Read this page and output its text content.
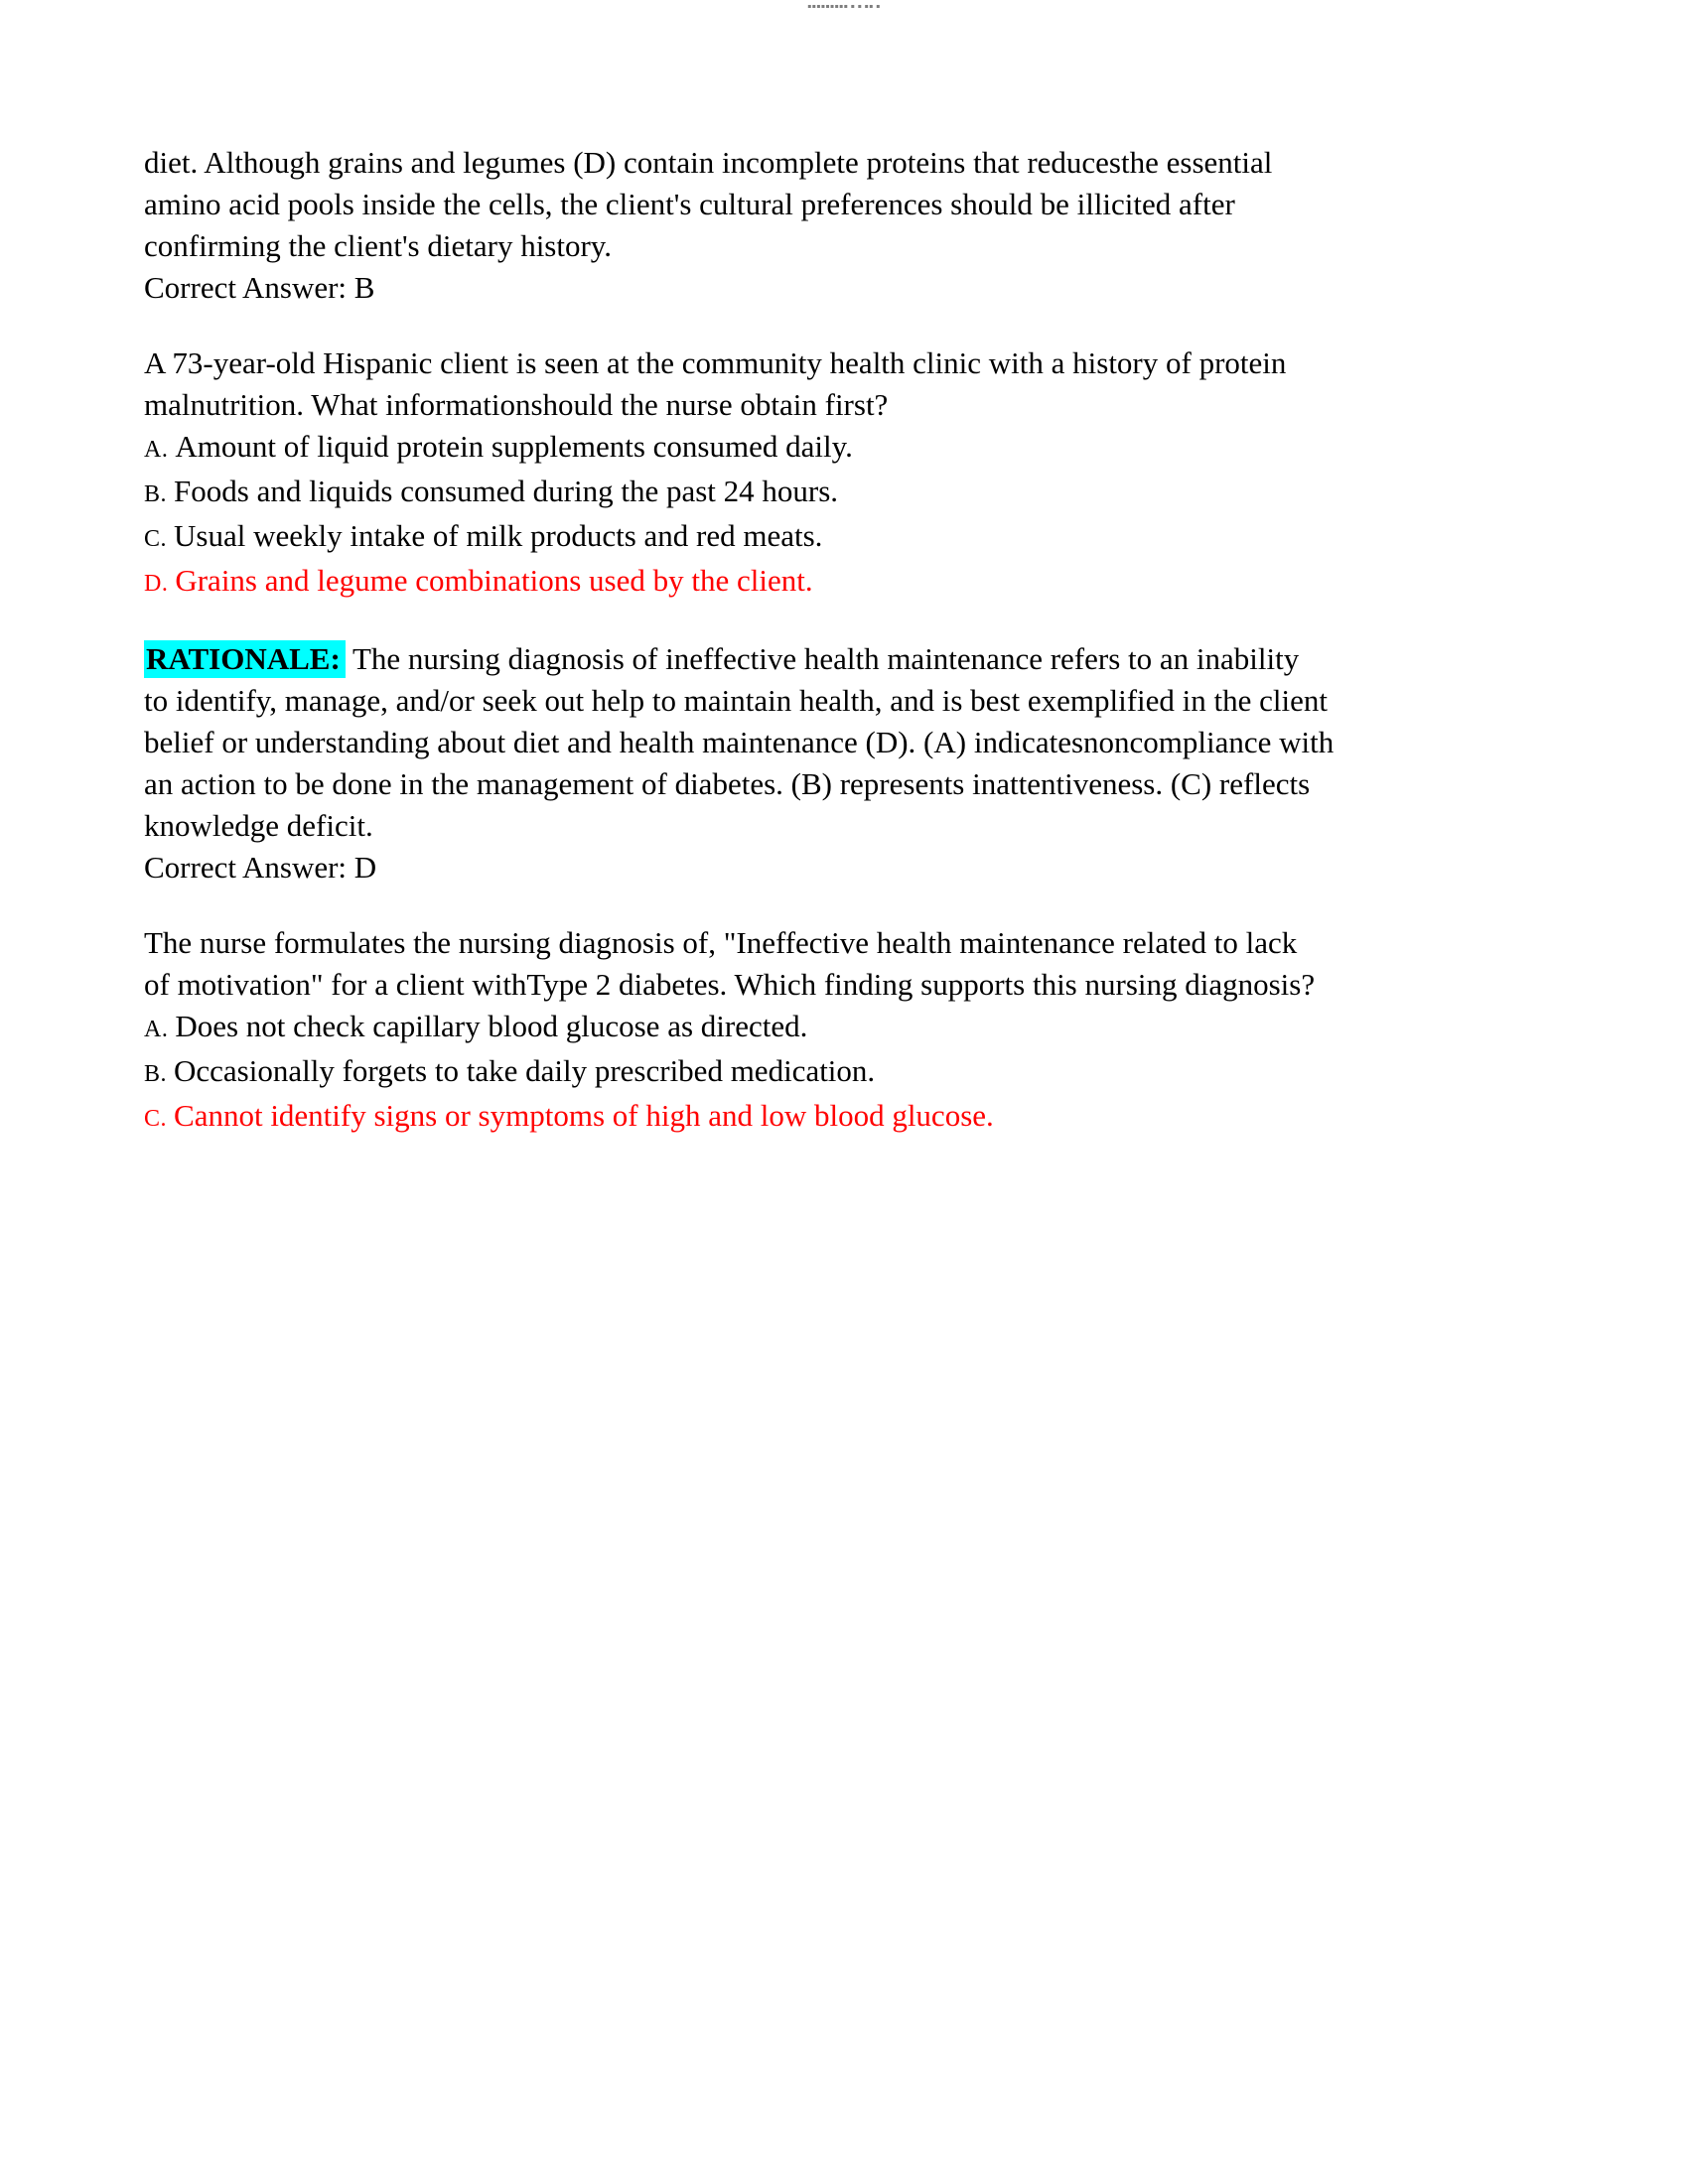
▪▪▪▪▪▪▪▪▪ ▪ ▪ ▪▪ ▪
diet. Although grains and legumes (D) contain incomplete proteins that reducesthe essential
amino acid pools inside the cells, the client's cultural preferences should be illicited after
confirming the client's dietary history.
Correct Answer: B
A 73-year-old Hispanic client is seen at the community health clinic with a history of protein
malnutrition. What informationshould the nurse obtain first?
A. Amount of liquid protein supplements consumed daily.
B. Foods and liquids consumed during the past 24 hours.
C. Usual weekly intake of milk products and red meats.
D. Grains and legume combinations used by the client.
RATIONALE: The nursing diagnosis of ineffective health maintenance refers to an inability
to identify, manage, and/or seek out help to maintain health, and is best exemplified in the client
belief or understanding about diet and health maintenance (D). (A) indicatesnoncompliance with
an action to be done in the management of diabetes. (B) represents inattentiveness. (C) reflects
knowledge deficit.
Correct Answer: D
The nurse formulates the nursing diagnosis of, "Ineffective health maintenance related to lack
of motivation" for a client withType 2 diabetes. Which finding supports this nursing diagnosis?
A. Does not check capillary blood glucose as directed.
B. Occasionally forgets to take daily prescribed medication.
C. Cannot identify signs or symptoms of high and low blood glucose.
